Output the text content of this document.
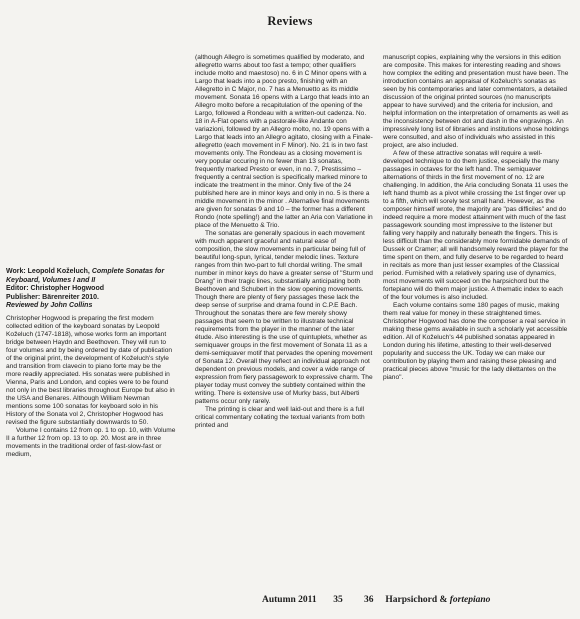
Reviews
Work: Leopold Koželuch, Complete Sonatas for Keyboard, Volumes I and II
Editor: Christopher Hogwood
Publisher: Bärenreiter 2010.
Reviewed by John Collins

Christopher Hogwood is preparing the first modern collected edition of the keyboard sonatas by Leopold Koželuch (1747-1818), whose works form an important bridge between Haydn and Beethoven. They will run to four volumes and by being ordered by date of publication of the original print, the development of Koželuch's style and transition from clavecin to piano forte may be the more readily appreciated. His sonatas were published in Vienna, Paris and London, and copies were to be found not only in the best libraries throughout Europe but also in the USA and Benares. Although William Newman mentions some 100 sonatas for keyboard solo in his History of the Sonata vol 2, Christopher Hogwood has revised the figure substantially downwards to 50.

Volume I contains 12 from op. 1 to op. 10, with Volume II a further 12 from op. 13 to op. 20. Most are in three movements in the traditional order of fast-slow-fast or medium,

(although Allegro is sometimes qualified by moderato, and allegretto warns about too fast a tempo; other qualifiers include molto and maestoso) no. 6 in C Minor opens with a Largo that leads into a poco presto, finishing with an Allegretto in C Major, no. 7 has a Menuetto as its middle movement. Sonata 16 opens with a Largo that leads into an Allegro molto before a recapitulation of the opening of the Largo, followed a Rondeau with a written-out cadenza. No. 18 in A-Flat opens with a pastorale-like Andante con variazioni, followed by an Allegro molto, no. 19 opens with a Largo that leads into an Allegro agitato, closing with a Finale-allegretto (each movement in F Minor). No. 21 is in two fast movements only. The Rondeau as a closing movement is very popular occuring in no fewer than 13 sonatas, frequently marked Presto or even, in no. 7, Prestissimo – frequently a central section is specifically marked minore to indicate the treatment in the minor. Only five of the 24 published here are in minor keys and only in no. 5 is there a middle movement in the minor . Alternative final movements are given for sonatas 9 and 10 – the former has a different Rondo (note spelling!) and the latter an Aria con Variatione in place of the Menuetto & Trio.

The sonatas are generally spacious in each movement with much apparent graceful and natural ease of composition, the slow movements in particular being full of beautiful long-spun, lyrical, tender melodic lines. Texture ranges from thin two-part to full chordal writing. The small number in minor keys do have a greater sense of "Sturm und Drang" in their tragic lines, substantially anticipating both Beethoven and Schubert in the slow opening movements. Though there are plenty of fiery passages these lack the deep sense of surprise and drama found in C.P.E Bach. Throughout the sonatas there are few merely showy passages that seem to be written to illustrate technical requirements from the player in the manner of the later étude. Also interesting is the use of quintuplets, whether as semiquaver groups in the first movement of Sonata 11 as a demi-semiquaver motif that pervades the opening movement of Sonata 12. Overall they reflect an individual approach not dependent on previous models, and cover a wide range of expression from fiery passagework to expressive charm. The player today must convey the subtlety contained within the writing. There is extensive use of Murky bass, but Alberti patterns occur only rarely.

The printing is clear and well laid-out and there is a full critical commentary collating the textual variants from both printed and

manuscript copies, explaining why the versions in this edition are composite. This makes for interesting reading and shows how complex the editing and presentation must have been. The introduction contains an appraisal of Koželuch's sonatas as seen by his contemporaries and later commentators, a detailed discussion of the original printed sources (no manuscripts appear to have survived) and the criteria for inclusion, and helpful information on the interpretation of ornaments as well as the inconsistency between dot and dash in the engravings. An impressively long list of libraries and institutions whose holdings were consulted, and also of individuals who assisted in this project, are also included.

A few of these attractive sonatas will require a well-developed technique to do them justice, especially the many passages in octaves for the left hand. The semiquaver alternations of thirds in the first movement of no. 12 are challenging. In addition, the Aria concluding Sonata 11 uses the left hand thumb as a pivot while crossing the 1st finger over up to a fifth, which will sorely test small hand. However, as the composer himself wrote, the majority are "pas difficiles" and do indeed require a more modest attainment with much of the fast passagework sounding most impressive to the listener but falling very happily and naturally beneath the fingers. This is less difficult than the considerably more formidable demands of Dussek or Cramer; all will handsomely reward the player for the time spent on them, and fully deserve to be regarded to heard in recitals as more than just lesser examples of the Classical period. Furnished with a relatively sparing use of dynamics, most movements will succeed on the harpsichord but the fortepiano will do them major justice. A thematic index to each of the four volumes is also included.

Each volume contains some 180 pages of music, making them real value for money in these straightened times. Christopher Hogwood has done the composer a real service in making these gems available in such a scholarly yet accessible edition. All of Koželuch's 44 published sonatas appeared in London during his lifetime, attesting to their well-deserved popularity and success the UK. Today we can make our contribution by playing them and raising these pleasing and practical pieces above "music for the lady dilettantes on the piano".

Autumn 2011 35 36 Harpsichord & fortepiano
